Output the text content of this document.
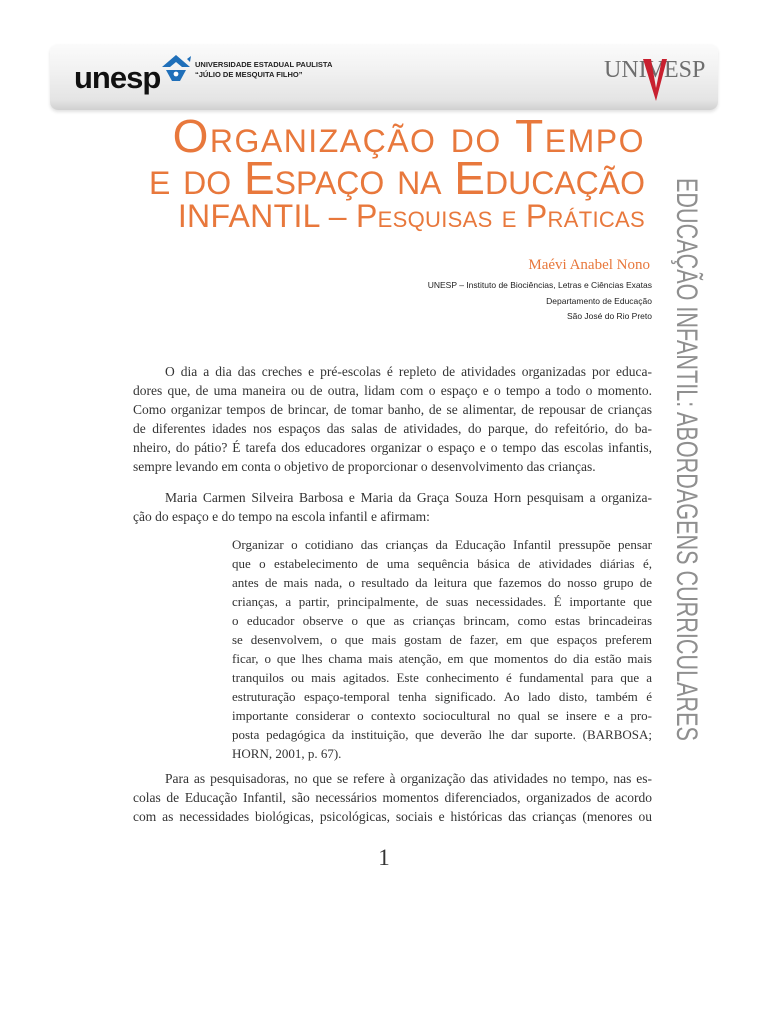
unesp	UNIVERSIDADE ESTADUAL PAULISTA
“JÚLIO DE MESQUITA FILHO”	UNIVESP
Organização do Tempo
e do Espaço na Educação
INFANTIL – Pesquisas e Práticas EDUCAÇÃO INFANTIL: ABORDAGENS CURRICULARES
Maévi Anabel Nono
UNESP – Instituto de Biociências, Letras e Ciências Exatas
Departamento de Educação
São José do Rio Preto
O dia a dia das creches e pré-escolas é repleto de atividades organizadas por educa-
dores que, de uma maneira ou de outra, lidam com o espaço e o tempo a todo o momento.
Como organizar tempos de brincar, de tomar banho, de se alimentar, de repousar de crianças
de diferentes idades nos espaços das salas de atividades, do parque, do refeitório, do ba-
nheiro, do pátio? É tarefa dos educadores organizar o espaço e o tempo das escolas infantis,
sempre levando em conta o objetivo de proporcionar o desenvolvimento das crianças.
Maria Carmen Silveira Barbosa e Maria da Graça Souza Horn pesquisam a organiza-
ção do espaço e do tempo na escola infantil e afirmam:
Organizar o cotidiano das crianças da Educação Infantil pressupõe pensar
que o estabelecimento de uma sequência básica de atividades diárias é,
antes de mais nada, o resultado da leitura que fazemos do nosso grupo de
crianças, a partir, principalmente, de suas necessidades. É importante que
o educador observe o que as crianças brincam, como estas brincadeiras
se desenvolvem, o que mais gostam de fazer, em que espaços preferem
ficar, o que lhes chama mais atenção, em que momentos do dia estão mais
tranquilos ou mais agitados. Este conhecimento é fundamental para que a
estruturação espaço-temporal tenha significado. Ao lado disto, também é
importante considerar o contexto sociocultural no qual se insere e a pro-
posta pedagógica da instituição, que deverão lhe dar suporte. (BARBOSA;
HORN, 2001, p. 67).
Para as pesquisadoras, no que se refere à organização das atividades no tempo, nas es-
colas de Educação Infantil, são necessários momentos diferenciados, organizados de acordo
com as necessidades biológicas, psicológicas, sociais e históricas das crianças (menores ou
1
